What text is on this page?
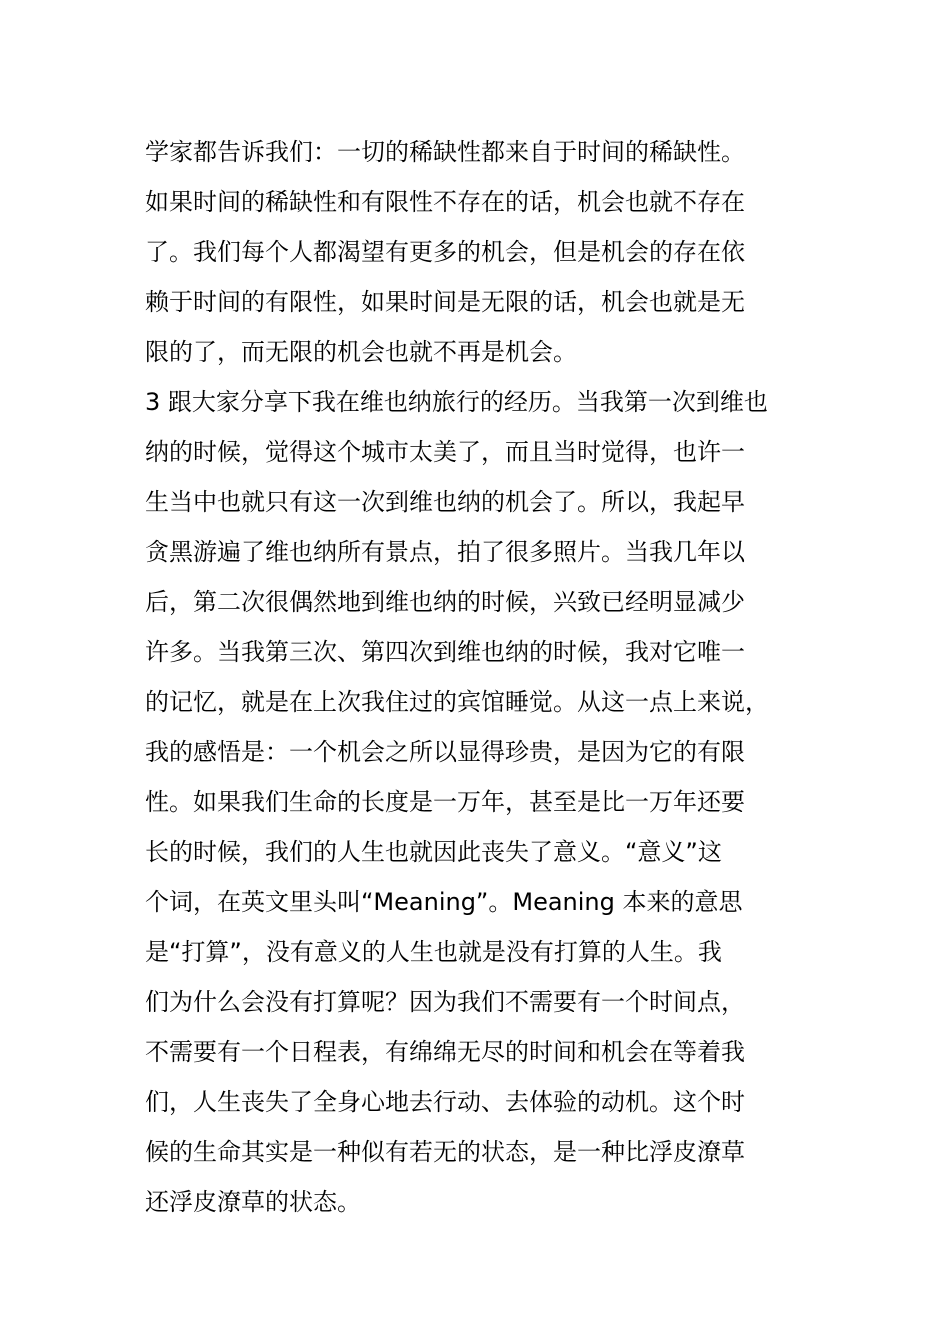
学家都告诉我们：一切的稀缺性都来自于时间的稀缺性。
如果时间的稀缺性和有限性不存在的话，机会也就不存在
了。我们每个人都渴望有更多的机会，但是机会的存在依
赖于时间的有限性，如果时间是无限的话，机会也就是无
限的了，而无限的机会也就不再是机会。
3 跟大家分享下我在维也纳旅行的经历。当我第一次到维也
纳的时候，觉得这个城市太美了，而且当时觉得，也许一
生当中也就只有这一次到维也纳的机会了。所以，我起早
贪黑游遍了维也纳所有景点，拍了很多照片。当我几年以
后，第二次很偶然地到维也纳的时候，兴致已经明显减少
许多。当我第三次、第四次到维也纳的时候，我对它唯一
的记忆，就是在上次我住过的宾馆睡觉。从这一点上来说，
我的感悟是：一个机会之所以显得珍贵，是因为它的有限
性。如果我们生命的长度是一万年，甚至是比一万年还要
长的时候，我们的人生也就因此丧失了意义。“意义”这
个词，在英文里头叫“Meaning”。Meaning 本来的意思
是“打算”，没有意义的人生也就是没有打算的人生。我
们为什么会没有打算呢？因为我们不需要有一个时间点，
不需要有一个日程表，有绵绵无尽的时间和机会在等着我
们，人生丧失了全身心地去行动、去体验的动机。这个时
候的生命其实是一种似有若无的状态，是一种比浮皮潦草
还浮皮潦草的状态。
